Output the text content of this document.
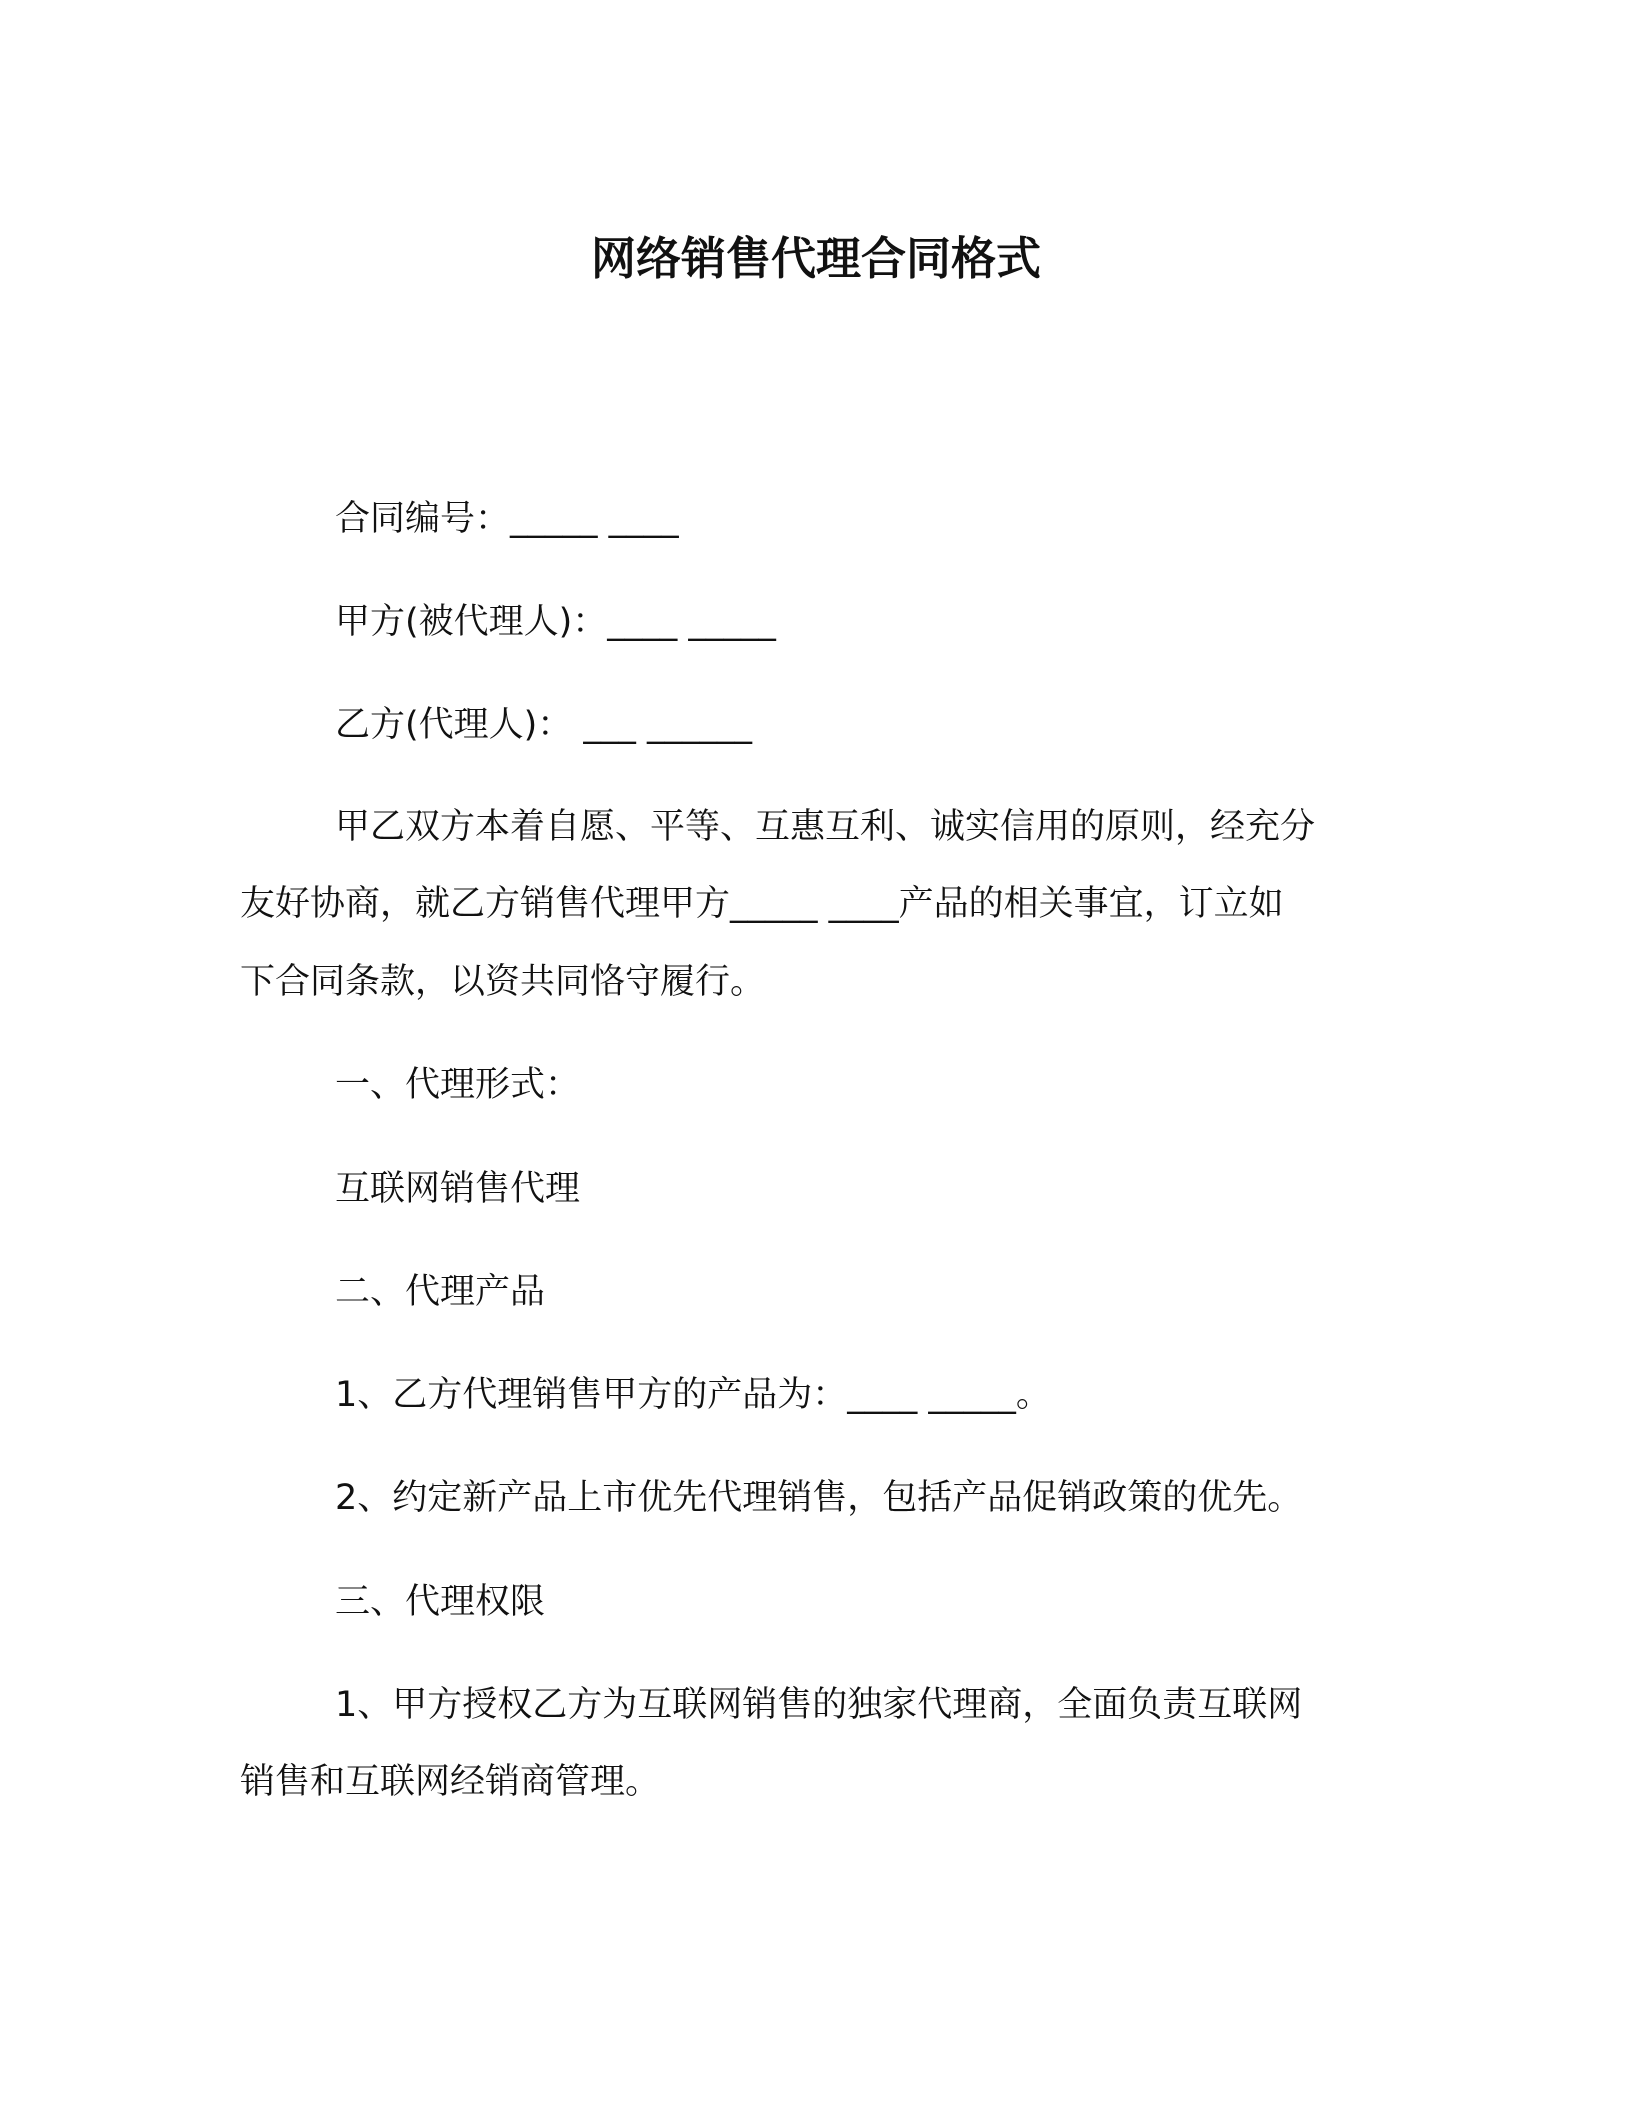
网络销售代理合同格式

合同编号：_____ ____

甲方(被代理人)：____ _____

乙方(代理人)： ___ ______

甲乙双方本着自愿、平等、互惠互利、诚实信用的原则，经充分

友好协商，就乙方销售代理甲方_____ ____产品的相关事宜，订立如

下合同条款，以资共同恪守履行。

一、代理形式：

互联网销售代理

二、代理产品

1、乙方代理销售甲方的产品为：____ _____。

2、约定新产品上市优先代理销售，包括产品促销政策的优先。

三、代理权限

1、甲方授权乙方为互联网销售的独家代理商，全面负责互联网

销售和互联网经销商管理。
